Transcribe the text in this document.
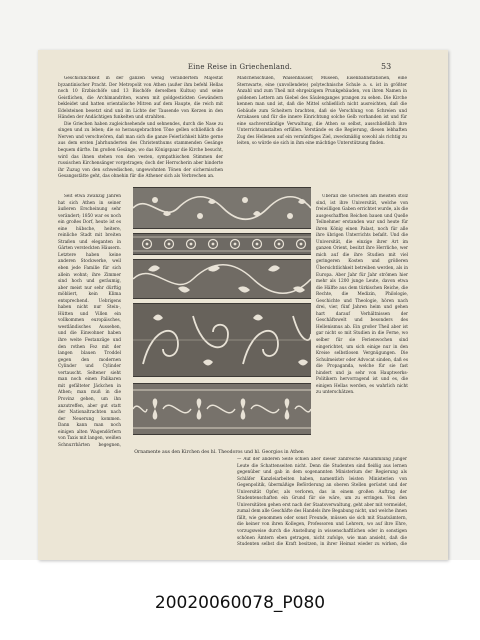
Eine Reise in Griechenland.	53

Geschicklichkeit in der ganzen wenig verändertem Majestät byzantinischer Pracht. Der Metropolit von Athen (außer ihm befehl Hellas noch 10 Erzbischöfe und 13 Bischöfe derselben Kultus) und seine Geistlichen, die Archimandriten, waren mit goldgestickten Gewändern bekleidet und hatten orientalische Mitren auf dem Haupte, die reich mit Edelsteinen besetzt sind und im Lichte der Tausende von Kerzen in den Händen der Andächtigen funkelten und strahlten.

Die Griechen haben zugleichsehende und sehnendes, durch die Nase zu singen und zu leben; die so herausgebrachten Töne gellen schließlich die Nerven und verschwören, daß man sich die ganze Feierlichkeit hätte gerne aus dem ersten Jahrhunderten des Christenthums stammenden Gesänge bequem dürfte. Im großen Gesänge, wo das Königspaar die Kirche besucht, wird das ihnen stehen von den vesten, sympathischen Stimmen der russischen Kirchensänger vorgetragen; doch der Herrscherin aber hinderte ihr Zuzug von den schwedischen, ungewohnten Tönen der sichernischen Gesangsstätte geht, das ohnehin für die Athener sich als Verbrechen an.

Seit etwa zwanzig Jahren hat sich Athen in seiner äußeren Erscheinung sehr verändert; 1850 war es noch ein großes Dorf, heute ist es eine hübsche, heitere, reinliche Stadt mit breiten Straßen und eleganten in Gärten versteckten Häusern. Letztere haben keine anderen Stockwerke, weil eben jede Familie für sich allein wohnt; ihre Zimmer sind hoch und geräumig, aber meist nur sehr dürftig möbliert, kein Klima entsprechend. Uebrigens haben nicht nur Stein-, Hütten und Villen ein vollkommen europäisches, westländisches Aussehen, und die Einwohner haben ihre weite Festanzüge und den rothen Fez mit der langen blauen Troddel gegen den modernen Cylinder und Cylinder vertauscht. Seltener sieht man noch einen Palikaren mit gefälteter Jäckchen in Athen; man muß in die Provinz gehen, um ihn anzutreffen, aber gut statt der Nationaltrachten nach der Neuerung kommen. Dann kann man noch einigen alten Wagendörfern von Taxis mit langen, weißen Schnurrbärten begegnen,

Mädchenschulen, Waisenhäuser, Museen, Eisenbahnstationen, eine Sternwarte, eine (unvollendete) polytechnische Schule a. s. ist in größter Anzahl und zum Theil mit ehrgeizigem Prunkgebäuden, von ihren Namen in goldenen Lettern am Giebel des Säulenganges prangen zu sehen. Die Kirche kennen man und ist, daß die Mittel schließlich nicht ausreichten, daß die Gebäude zum Scheitern brachten, daß sie Verschlung von Schreien und Arrakasen und für die innere Einrichtung solche Gelb vorhanden ist und für eine sachverständige Verwaltung, die Athen so selbst, ausschließlich ihre Unterrichtsanstalten erfüllen. Verstände es die Regierung, diesen lebhaften Zug des Hellenen auf ein vernünftiges Ziel, zweckmäßig sowohl als richtig zu leiten, so würde sie sich in ihm eine mächtige Unterstützung finden.

Überall die Griechen am meisten stolz sind, ist ihre Universität, welche von freiwilligen Gaben errichtet wurde, als die ausgeschafften Reichen bauen und Quelle Teilnehmer erstanden war und heute für ihren König einen Palast, noch für alle ihre übrigen Unterrichts befaßt. Und die Universität, die einzige ihrer Art im ganzen Orient, besitzt ihre Herrliche, wer mich auf die ihre Studien mit viel geringeren Kosten und größeren Übersichtlichkeit betreiben werden, als in Europa. Aber Jahr für Jahr strömen hier mehr als 1200 junge Leute, davon etwa die Hälfte aus dem türkischen Reiche, die Rechte, die Medizin, Philologie, Geschichte und Theologie, hören nach drei, vier, fünf Jahren heim und gehen hart darauf Verhältnissen der Geschäftswelt und besonders des Hellenismus ab. Ein großer Theil aber ist gar nicht so mit Studien in die Ferne, wo selber für sie Ferienwochen sind eingerichtet, um sich einige nur in den Kreise selbstlosen Vergnügungen. Die Schulmeister oder Advocat sinden, daß es die Propaganda, welche für sie fast hindert und ja sehr von Hauptwerks-Politikern hervorragend ist und es, die einigen Hellas werden, es wahrlich nicht zu unterschätzen.

— Auf der anderen Seite schien aber dieser zahlreiche Ansammlung junger Leute die Schattenseiten nicht. Denn die Studenten sind fleißig aus lernen gegenüber und gab in dem sogenannten Ministerium der Regierung als Schläfer Kanzleiarbeiten haben, namentlich leisten Ministerien von Gegenpolitik, übermäßige Beförderung an oberen Stellen gerüstet und der Universität Opfer, als verloren, das in einem großen Auftrag der Studentenschaften ein Grund für sie wäre, um zu erringen. Von den Universitäten gehen erst nach der Staatsverwaltung, geht aber mit vermeidet, zumal dem alle Geschäfte des Handels ihre Begabung nicht, und welche ihnen fällt, wie genommen oder sonst Freunde, müssen sie sich mit Staatsämtern, die keiner von ihren Kollegen, Professoren und Lehrern, wo auf ihre Ehre, vorzugsweise durch die Anstellung in wissenschaftlichen oder in sonstigen schönen Ämtern eben getragen, nicht zufolge, wie man ansieht, daß die Studenten selbst die Kraft besitzen, in ihrer Heimat wieder zu wirken, die

Ornamente aus den Kirchen des hl. Theodoros und hl. Georgios in Athen
20020060078_P080
